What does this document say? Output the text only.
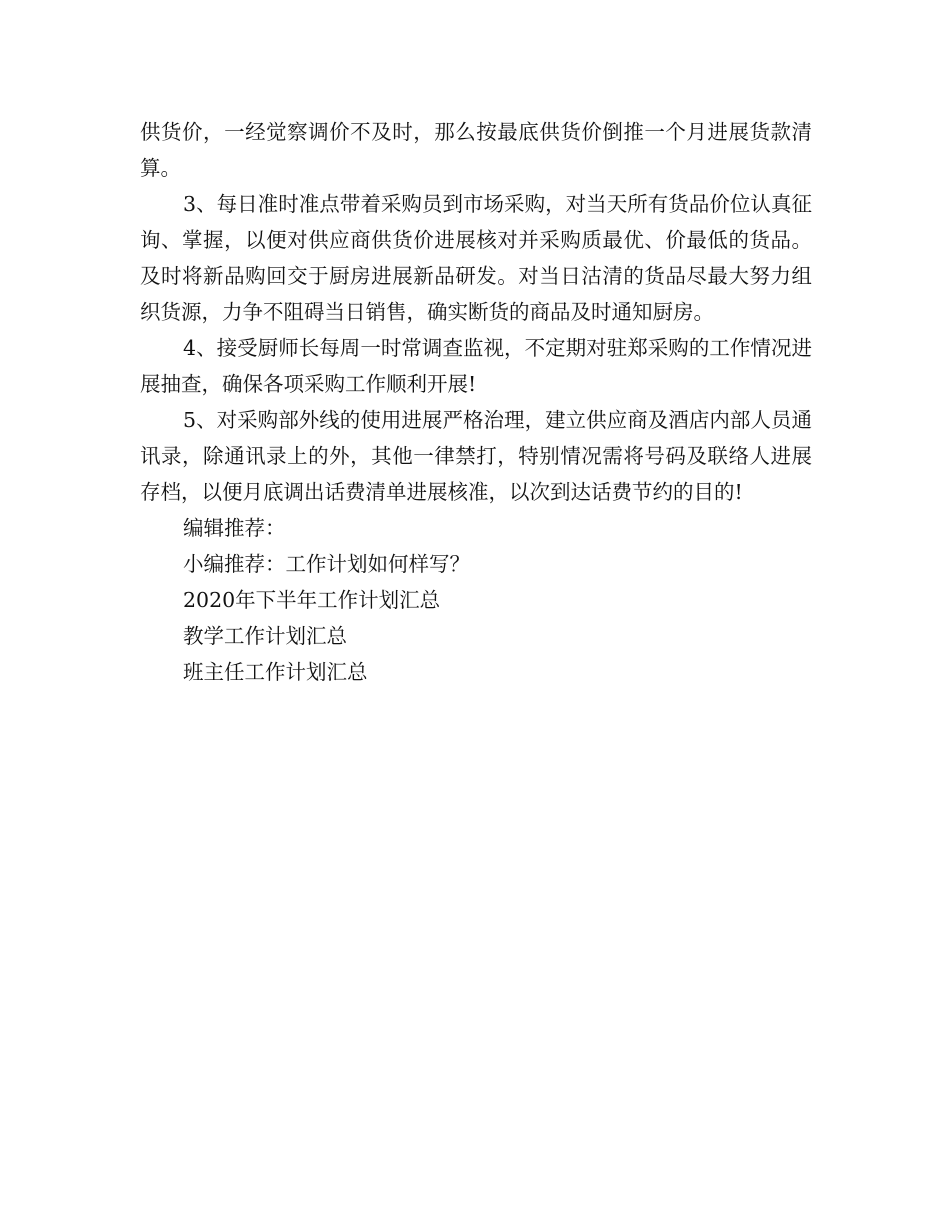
供货价，一经觉察调价不及时，那么按最底供货价倒推一个月进展货款清算。

3、每日准时准点带着采购员到市场采购，对当天所有货品价位认真征询、掌握，以便对供应商供货价进展核对并采购质最优、价最低的货品。及时将新品购回交于厨房进展新品研发。对当日沽清的货品尽最大努力组织货源，力争不阻碍当日销售，确实断货的商品及时通知厨房。

4、接受厨师长每周一时常调查监视，不定期对驻郑采购的工作情况进展抽查，确保各项采购工作顺利开展!

5、对采购部外线的使用进展严格治理，建立供应商及酒店内部人员通讯录，除通讯录上的外，其他一律禁打，特别情况需将号码及联络人进展存档，以便月底调出话费清单进展核准，以次到达话费节约的目的!

编辑推荐：

小编推荐：工作计划如何样写？

2020年下半年工作计划汇总

教学工作计划汇总

班主任工作计划汇总
